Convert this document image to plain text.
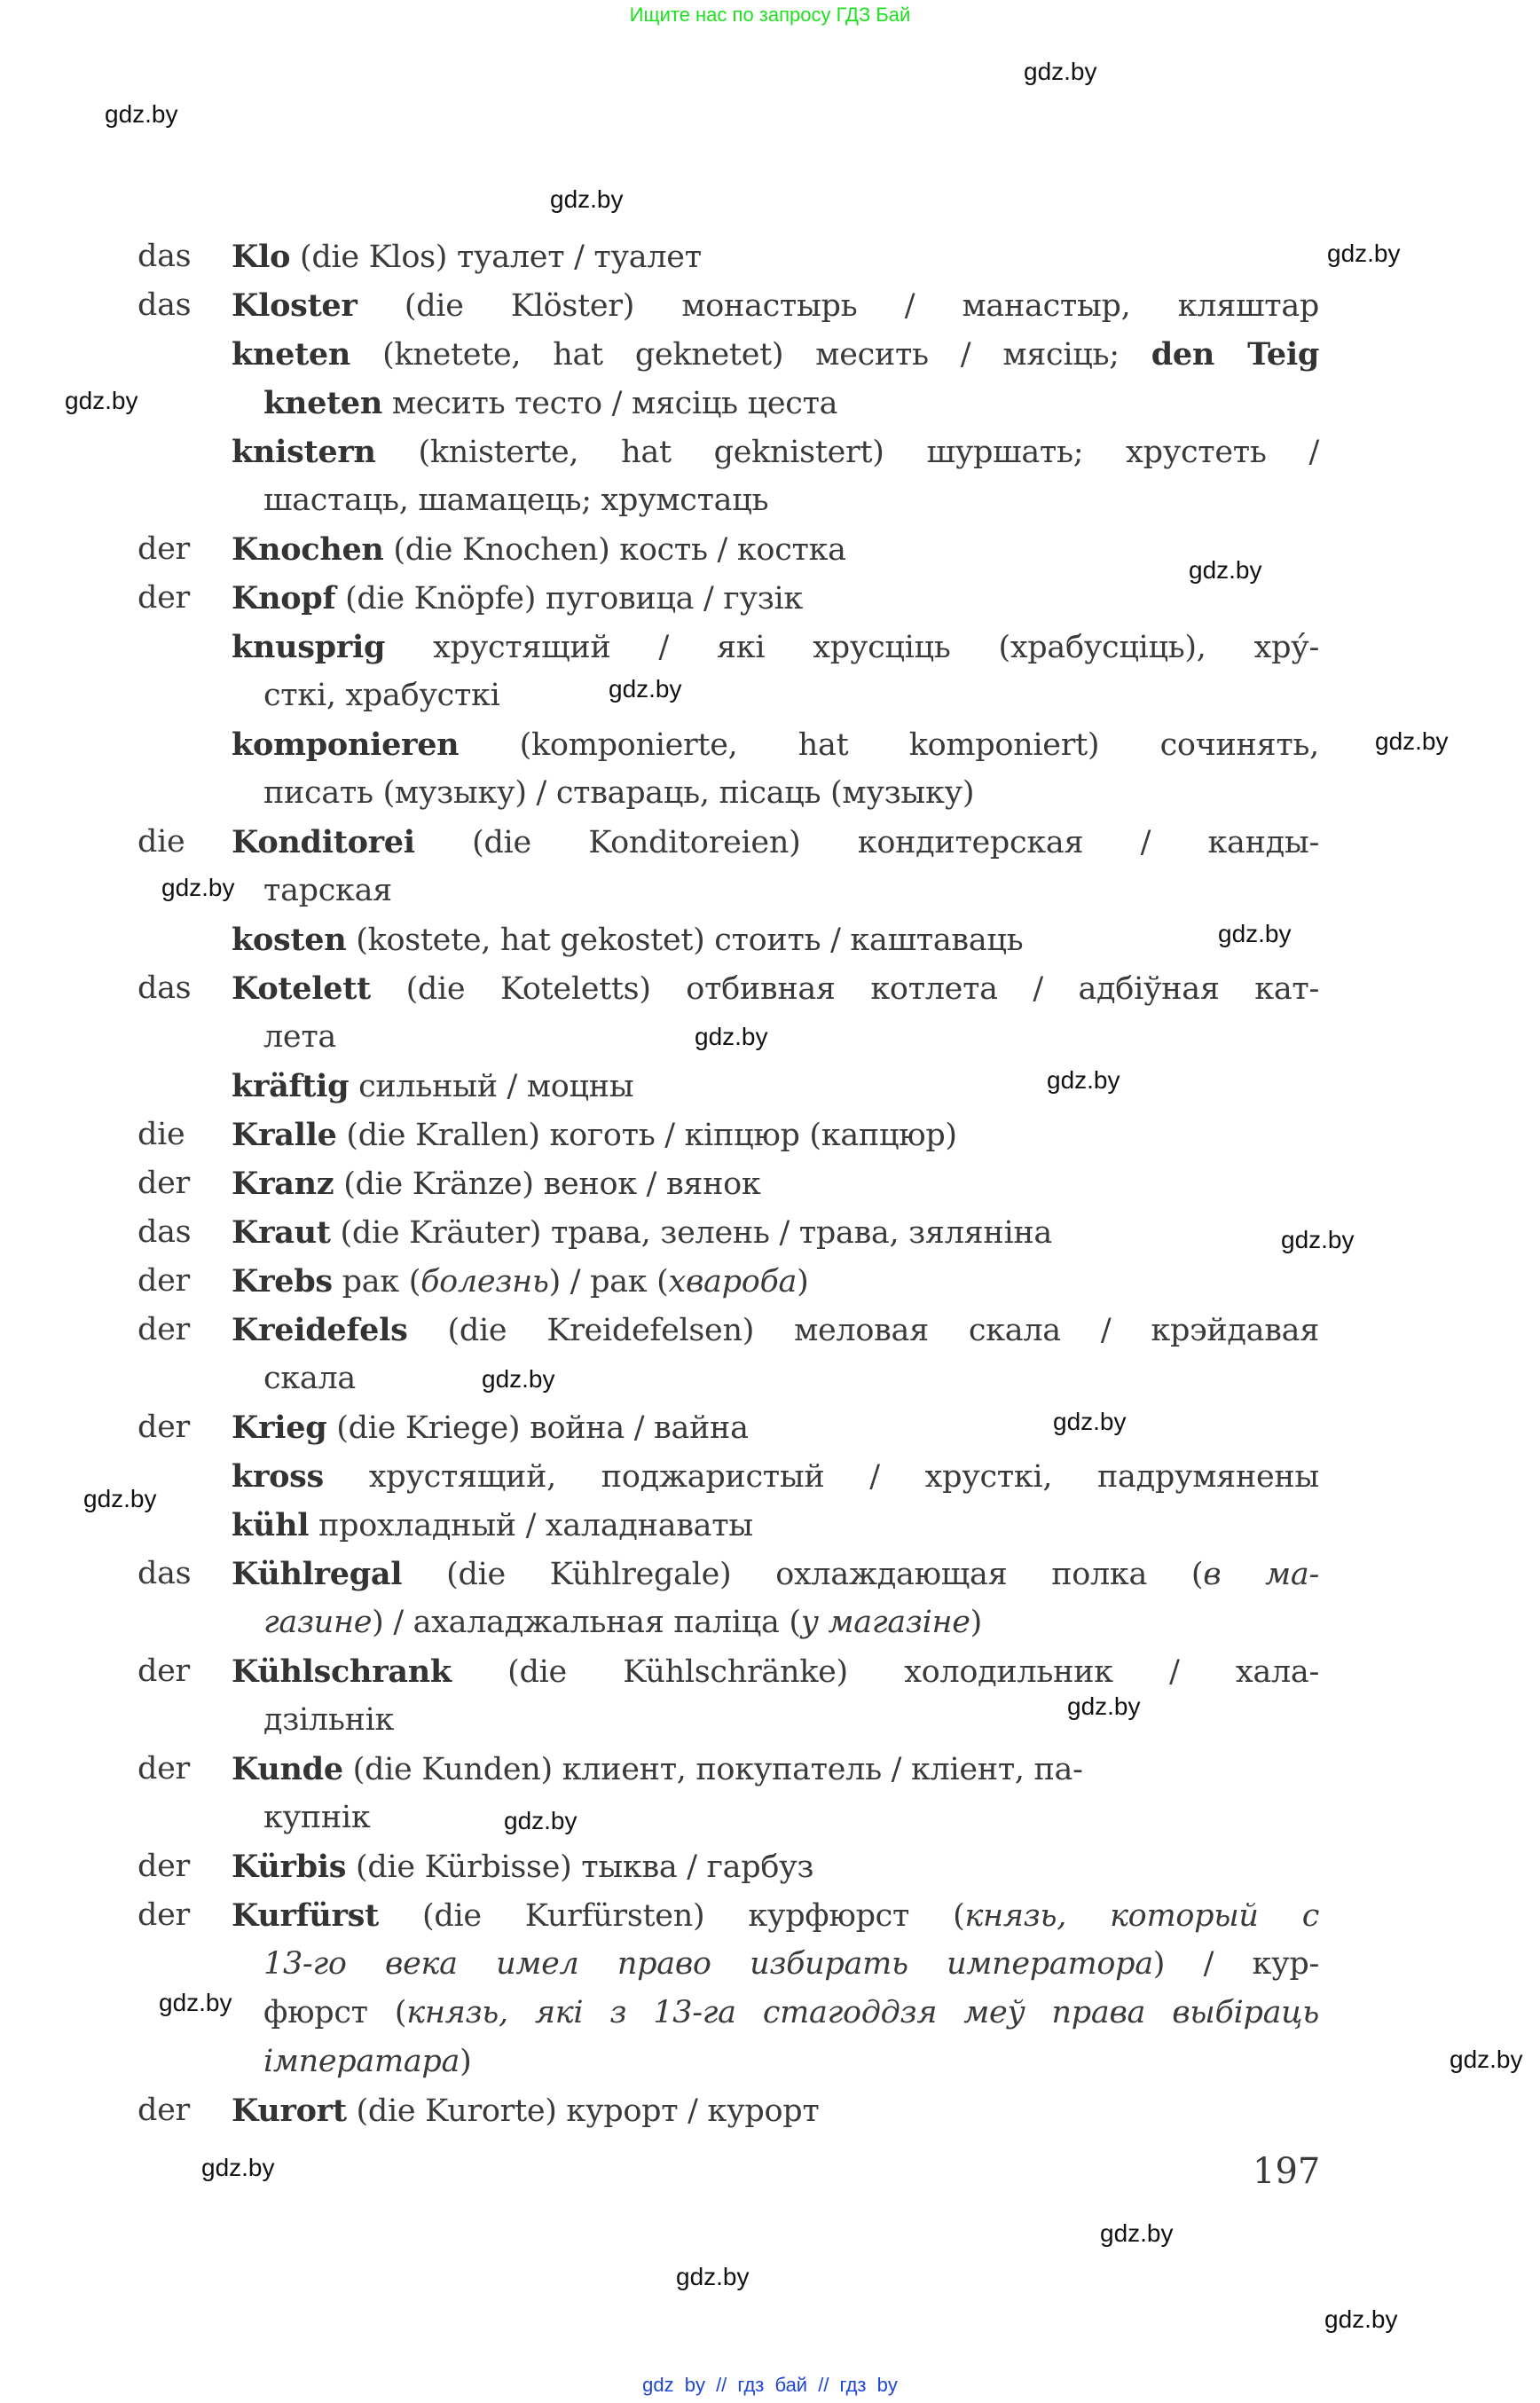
Ищите нас по запросу ГДЗ Бай
das Klo (die Klos) туалет / туалет
das Kloster (die Klöster) монастырь / манастыр, кляштар
kneten (knetete, hat geknetet) месить / мясіць; den Teig
kneten месить тесто / мясіць цеста
knistern (knisterte, hat geknistert) шуршать; хрустеть /
шастаць, шамацець; хрумстаць
der Knochen (die Knochen) кость / костка
der Knopf (die Knöpfe) пуговица / гузік
knusprig хрустящий / які хрусціць (храбусціць), хру́-
сткі, храбусткі
komponieren (komponierte, hat komponiert) сочинять,
писать (музыку) / ствараць, пісаць (музыку)
die Konditorei (die Konditoreien) кондитерская / канды-
тарская
kosten (kostete, hat gekostet) стоить / каштаваць
das Kotelett (die Koteletts) отбивная котлета / адбіўная кат-
лета
kräftig сильный / моцны
die Kralle (die Krallen) коготь / кіпцюр (капцюр)
der Kranz (die Kränze) венок / вянок
das Kraut (die Kräuter) трава, зелень / трава, зяляніна
der Krebs рак (болезнь) / рак (хвароба)
der Kreidefels (die Kreidefelsen) меловая скала / крэйдавая
скала
der Krieg (die Kriege) война / вайна
kross хрустящий, поджаристый / хрусткі, падрумянены
kühl прохладный / халаднаваты
das Kühlregal (die Kühlregale) охлаждающая полка (в ма-
газине) / ахаладжальная паліца (у магазіне)
der Kühlschrank (die Kühlschränke) холодильник / хала-
дзільнік
der Kunde (die Kunden) клиент, покупатель / кліент, па-
купнік
der Kürbis (die Kürbisse) тыква / гарбуз
der Kurfürst (die Kurfürsten) курфюрст (князь, который с
13-го века имел право избирать императора) / кур-
фюрст (князь, які з 13-га стагоддзя меў права выбіраць
імператара)
der Kurort (die Kurorte) курорт / курорт
197
gdz.by
gdz.by
gdz.by
gdz.by
gdz.by
gdz.by
gdz.by
gdz.by
gdz.by
gdz.by
gdz.by
gdz.by
gdz.by
gdz.by
gdz.by
gdz.by
gdz.by
gdz.by
gdz.by
gdz.by
gdz.by
gdz.by
gdz.by
gdz.by
gdz by // гдз бай // гдз by
